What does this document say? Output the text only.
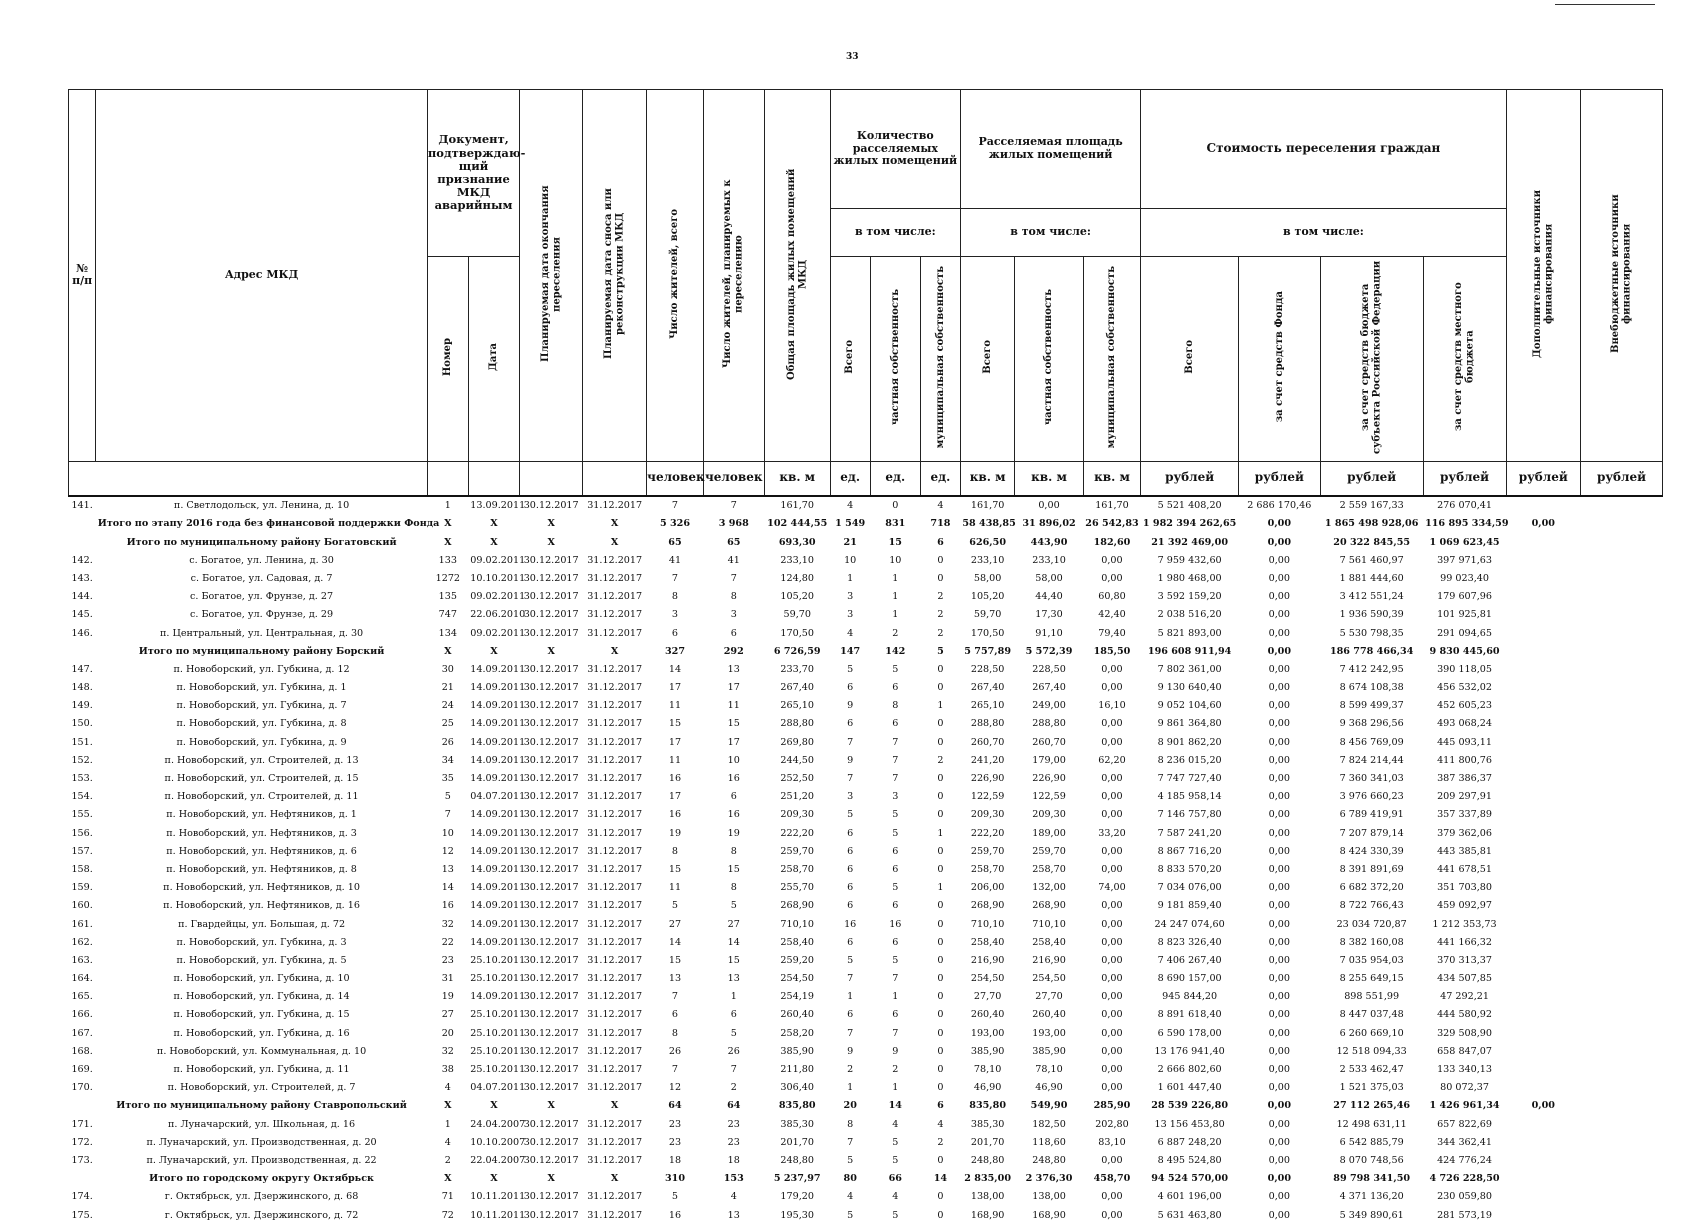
33
№ п/п	Адрес МКД	Документ, подтверждаю-щий признание МКД аварийным		Планируемая дата окончания переселения	Планируемая дата сноса или реконструкции МКД	Число жителей, всего	Число жителей, планируемых к переселению	Общая площадь жилых помещений МКД	Количество расселяемых жилых помещений			Расселяемая площадь жилых помещений			Стоимость переселения граждан				Дополнительные источники финансирования	Внебюджетные источники финансирования
									в том числе:			в том числе:			в том числе:					
		Номер	Дата						Всего	частная собственность	муниципальная собственность	Всего	частная собственность	муниципальная собственность	Всего	за счет средств Фонда	за счет средств бюджета субъекта Российской Федерации	за счет средств местного бюджета		
						человек	человек	кв. м	ед.	ед.	ед.	кв. м	кв. м	кв. м	рублей	рублей	рублей	рублей	рублей	рублей
141.	п. Светлодольск, ул. Ленина, д. 10	1	13.09.2011	30.12.2017	31.12.2017	7	7	161,70	4	0	4	161,70	0,00	161,70	5 521 408,20	2 686 170,46	2 559 167,33	276 070,41		
	Итого по этапу 2016 года без финансовой поддержки Фонда	X	X	X	X	5 326	3 968	102 444,55	1 549	831	718	58 438,85	31 896,02	26 542,83	1 982 394 262,65	0,00	1 865 498 928,06	116 895 334,59	0,00	
	Итого по муниципальному району Богатовский	X	X	X	X	65	65	693,30	21	15	6	626,50	443,90	182,60	21 392 469,00	0,00	20 322 845,55	1 069 623,45		
142.	с. Богатое, ул. Ленина, д. 30	133	09.02.2011	30.12.2017	31.12.2017	41	41	233,10	10	10	0	233,10	233,10	0,00	7 959 432,60	0,00	7 561 460,97	397 971,63		
143.	с. Богатое, ул. Садовая, д. 7	1272	10.10.2011	30.12.2017	31.12.2017	7	7	124,80	1	1	0	58,00	58,00	0,00	1 980 468,00	0,00	1 881 444,60	99 023,40		
144.	с. Богатое, ул. Фрунзе, д. 27	135	09.02.2011	30.12.2017	31.12.2017	8	8	105,20	3	1	2	105,20	44,40	60,80	3 592 159,20	0,00	3 412 551,24	179 607,96		
145.	с. Богатое, ул. Фрунзе, д. 29	747	22.06.2010	30.12.2017	31.12.2017	3	3	59,70	3	1	2	59,70	17,30	42,40	2 038 516,20	0,00	1 936 590,39	101 925,81		
146.	п. Центральный, ул. Центральная, д. 30	134	09.02.2011	30.12.2017	31.12.2017	6	6	170,50	4	2	2	170,50	91,10	79,40	5 821 893,00	0,00	5 530 798,35	291 094,65		
	Итого по муниципальному району Борский	X	X	X	X	327	292	6 726,59	147	142	5	5 757,89	5 572,39	185,50	196 608 911,94	0,00	186 778 466,34	9 830 445,60		
147.	п. Новоборский, ул. Губкина, д. 12	30	14.09.2011	30.12.2017	31.12.2017	14	13	233,70	5	5	0	228,50	228,50	0,00	7 802 361,00	0,00	7 412 242,95	390 118,05		
148.	п. Новоборский, ул. Губкина, д. 1	21	14.09.2011	30.12.2017	31.12.2017	17	17	267,40	6	6	0	267,40	267,40	0,00	9 130 640,40	0,00	8 674 108,38	456 532,02		
149.	п. Новоборский, ул. Губкина, д. 7	24	14.09.2011	30.12.2017	31.12.2017	11	11	265,10	9	8	1	265,10	249,00	16,10	9 052 104,60	0,00	8 599 499,37	452 605,23		
150.	п. Новоборский, ул. Губкина, д. 8	25	14.09.2011	30.12.2017	31.12.2017	15	15	288,80	6	6	0	288,80	288,80	0,00	9 861 364,80	0,00	9 368 296,56	493 068,24		
151.	п. Новоборский, ул. Губкина, д. 9	26	14.09.2011	30.12.2017	31.12.2017	17	17	269,80	7	7	0	260,70	260,70	0,00	8 901 862,20	0,00	8 456 769,09	445 093,11		
152.	п. Новоборский, ул. Строителей, д. 13	34	14.09.2011	30.12.2017	31.12.2017	11	10	244,50	9	7	2	241,20	179,00	62,20	8 236 015,20	0,00	7 824 214,44	411 800,76		
153.	п. Новоборский, ул. Строителей, д. 15	35	14.09.2011	30.12.2017	31.12.2017	16	16	252,50	7	7	0	226,90	226,90	0,00	7 747 727,40	0,00	7 360 341,03	387 386,37		
154.	п. Новоборский, ул. Строителей, д. 11	5	04.07.2011	30.12.2017	31.12.2017	17	6	251,20	3	3	0	122,59	122,59	0,00	4 185 958,14	0,00	3 976 660,23	209 297,91		
155.	п. Новоборский, ул. Нефтяников, д. 1	7	14.09.2011	30.12.2017	31.12.2017	16	16	209,30	5	5	0	209,30	209,30	0,00	7 146 757,80	0,00	6 789 419,91	357 337,89		
156.	п. Новоборский, ул. Нефтяников, д. 3	10	14.09.2011	30.12.2017	31.12.2017	19	19	222,20	6	5	1	222,20	189,00	33,20	7 587 241,20	0,00	7 207 879,14	379 362,06		
157.	п. Новоборский, ул. Нефтяников, д. 6	12	14.09.2011	30.12.2017	31.12.2017	8	8	259,70	6	6	0	259,70	259,70	0,00	8 867 716,20	0,00	8 424 330,39	443 385,81		
158.	п. Новоборский, ул. Нефтяников, д. 8	13	14.09.2011	30.12.2017	31.12.2017	15	15	258,70	6	6	0	258,70	258,70	0,00	8 833 570,20	0,00	8 391 891,69	441 678,51		
159.	п. Новоборский, ул. Нефтяников, д. 10	14	14.09.2011	30.12.2017	31.12.2017	11	8	255,70	6	5	1	206,00	132,00	74,00	7 034 076,00	0,00	6 682 372,20	351 703,80		
160.	п. Новоборский, ул. Нефтяников, д. 16	16	14.09.2011	30.12.2017	31.12.2017	5	5	268,90	6	6	0	268,90	268,90	0,00	9 181 859,40	0,00	8 722 766,43	459 092,97		
161.	п. Гвардейцы, ул. Большая, д. 72	32	14.09.2011	30.12.2017	31.12.2017	27	27	710,10	16	16	0	710,10	710,10	0,00	24 247 074,60	0,00	23 034 720,87	1 212 353,73		
162.	п. Новоборский, ул. Губкина, д. 3	22	14.09.2011	30.12.2017	31.12.2017	14	14	258,40	6	6	0	258,40	258,40	0,00	8 823 326,40	0,00	8 382 160,08	441 166,32		
163.	п. Новоборский, ул. Губкина, д. 5	23	25.10.2011	30.12.2017	31.12.2017	15	15	259,20	5	5	0	216,90	216,90	0,00	7 406 267,40	0,00	7 035 954,03	370 313,37		
164.	п. Новоборский, ул. Губкина, д. 10	31	25.10.2011	30.12.2017	31.12.2017	13	13	254,50	7	7	0	254,50	254,50	0,00	8 690 157,00	0,00	8 255 649,15	434 507,85		
165.	п. Новоборский, ул. Губкина, д. 14	19	14.09.2011	30.12.2017	31.12.2017	7	1	254,19	1	1	0	27,70	27,70	0,00	945 844,20	0,00	898 551,99	47 292,21		
166.	п. Новоборский, ул. Губкина, д. 15	27	25.10.2011	30.12.2017	31.12.2017	6	6	260,40	6	6	0	260,40	260,40	0,00	8 891 618,40	0,00	8 447 037,48	444 580,92		
167.	п. Новоборский, ул. Губкина, д. 16	20	25.10.2011	30.12.2017	31.12.2017	8	5	258,20	7	7	0	193,00	193,00	0,00	6 590 178,00	0,00	6 260 669,10	329 508,90		
168.	п. Новоборский, ул. Коммунальная, д. 10	32	25.10.2011	30.12.2017	31.12.2017	26	26	385,90	9	9	0	385,90	385,90	0,00	13 176 941,40	0,00	12 518 094,33	658 847,07		
169.	п. Новоборский, ул. Губкина, д. 11	38	25.10.2011	30.12.2017	31.12.2017	7	7	211,80	2	2	0	78,10	78,10	0,00	2 666 802,60	0,00	2 533 462,47	133 340,13		
170.	п. Новоборский, ул. Строителей, д. 7	4	04.07.2011	30.12.2017	31.12.2017	12	2	306,40	1	1	0	46,90	46,90	0,00	1 601 447,40	0,00	1 521 375,03	80 072,37		
	Итого по муниципальному району Ставропольский	X	X	X	X	64	64	835,80	20	14	6	835,80	549,90	285,90	28 539 226,80	0,00	27 112 265,46	1 426 961,34	0,00	
171.	п. Луначарский, ул. Школьная, д. 16	1	24.04.2007	30.12.2017	31.12.2017	23	23	385,30	8	4	4	385,30	182,50	202,80	13 156 453,80	0,00	12 498 631,11	657 822,69		
172.	п. Луначарский, ул. Производственная, д. 20	4	10.10.2007	30.12.2017	31.12.2017	23	23	201,70	7	5	2	201,70	118,60	83,10	6 887 248,20	0,00	6 542 885,79	344 362,41		
173.	п. Луначарский, ул. Производственная, д. 22	2	22.04.2007	30.12.2017	31.12.2017	18	18	248,80	5	5	0	248,80	248,80	0,00	8 495 524,80	0,00	8 070 748,56	424 776,24		
	Итого по городскому округу Октябрьск	X	X	X	X	310	153	5 237,97	80	66	14	2 835,00	2 376,30	458,70	94 524 570,00	0,00	89 798 341,50	4 726 228,50		
174.	г. Октябрьск, ул. Дзержинского, д. 68	71	10.11.2011	30.12.2017	31.12.2017	5	4	179,20	4	4	0	138,00	138,00	0,00	4 601 196,00	0,00	4 371 136,20	230 059,80		
175.	г. Октябрьск, ул. Дзержинского, д. 72	72	10.11.2011	30.12.2017	31.12.2017	16	13	195,30	5	5	0	168,90	168,90	0,00	5 631 463,80	0,00	5 349 890,61	281 573,19		
